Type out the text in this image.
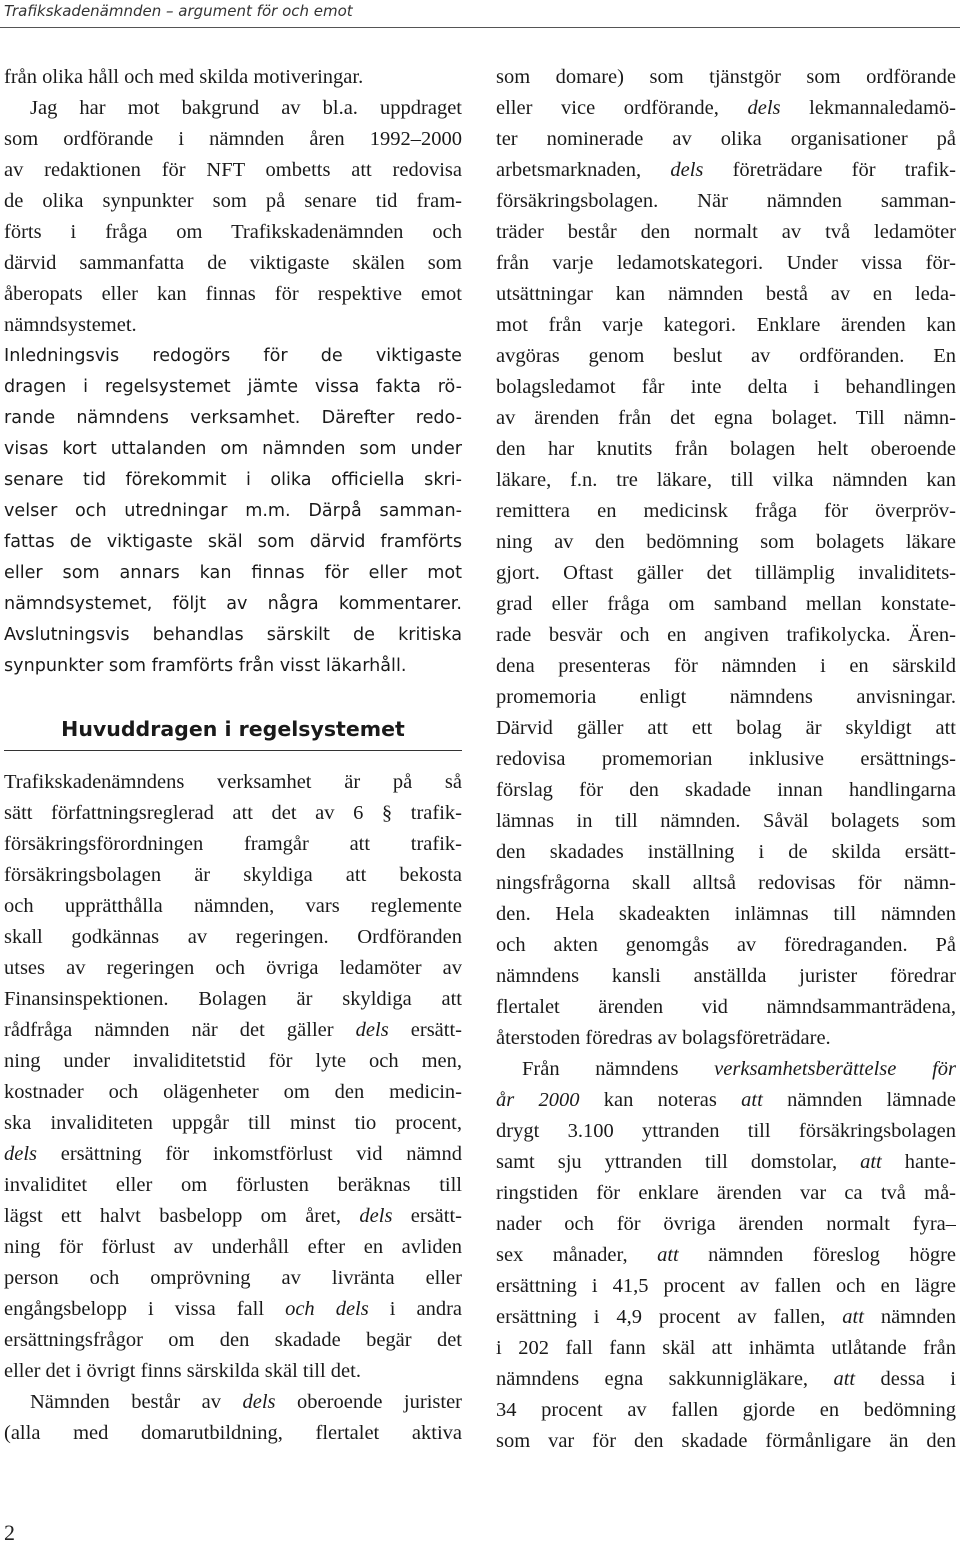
Trafikskadenämnden – argument för och emot
från olika håll och med skilda motiveringar.
Jag har mot bakgrund av bl.a. uppdraget
som ordförande i nämnden åren 1992–2000
av redaktionen för NFT ombetts att redovisa
de olika synpunkter som på senare tid fram-
förts i fråga om Trafikskadenämnden och
därvid sammanfatta de viktigaste skälen som
åberopats eller kan finnas för respektive emot
nämndsystemet.
Inledningsvis redogörs för de viktigaste
dragen i regelsystemet jämte vissa fakta rö-
rande nämndens verksamhet. Därefter redo-
visas kort uttalanden om nämnden som under
senare tid förekommit i olika officiella skri-
velser och utredningar m.m. Därpå samman-
fattas de viktigaste skäl som därvid framförts
eller som annars kan finnas för eller mot
nämndsystemet, följt av några kommentarer.
Avslutningsvis behandlas särskilt de kritiska
synpunkter som framförts från visst läkarhåll.
Huvuddragen i regelsystemet
Trafikskadenämndens verksamhet är på så
sätt författningsreglerad att det av 6 § trafik-
försäkringsförordningen framgår att trafik-
försäkringsbolagen är skyldiga att bekosta
och upprätthålla nämnden, vars reglemente
skall godkännas av regeringen. Ordföranden
utses av regeringen och övriga ledamöter av
Finansinspektionen. Bolagen är skyldiga att
rådfråga nämnden när det gäller dels ersätt-
ning under invaliditetstid för lyte och men,
kostnader och olägenheter om den medicin-
ska invaliditeten uppgår till minst tio procent,
dels ersättning för inkomstförlust vid nämnd
invaliditet eller om förlusten beräknas till
lägst ett halvt basbelopp om året, dels ersätt-
ning för förlust av underhåll efter en avliden
person och omprövning av livränta eller
engångsbelopp i vissa fall och dels i andra
ersättningsfrågor om den skadade begär det
eller det i övrigt finns särskilda skäl till det.
Nämnden består av dels oberoende jurister
(alla med domarutbildning, flertalet aktiva
som domare) som tjänstgör som ordförande
eller vice ordförande, dels lekmannaledamö-
ter nominerade av olika organisationer på
arbetsmarknaden, dels företrädare för trafik-
försäkringsbolagen. När nämnden samman-
träder består den normalt av två ledamöter
från varje ledamotskategori. Under vissa för-
utsättningar kan nämnden bestå av en leda-
mot från varje kategori. Enklare ärenden kan
avgöras genom beslut av ordföranden. En
bolagsledamot får inte delta i behandlingen
av ärenden från det egna bolaget. Till nämn-
den har knutits från bolagen helt oberoende
läkare, f.n. tre läkare, till vilka nämnden kan
remittera en medicinsk fråga för överpröv-
ning av den bedömning som bolagets läkare
gjort. Oftast gäller det tillämplig invaliditets-
grad eller fråga om samband mellan konstate-
rade besvär och en angiven trafikolycka. Ären-
dena presenteras för nämnden i en särskild
promemoria enligt nämndens anvisningar.
Därvid gäller att ett bolag är skyldigt att
redovisa promemorian inklusive ersättnings-
förslag för den skadade innan handlingarna
lämnas in till nämnden. Såväl bolagets som
den skadades inställning i de skilda ersätt-
ningsfrågorna skall alltså redovisas för nämn-
den. Hela skadeakten inlämnas till nämnden
och akten genomgås av föredraganden. På
nämndens kansli anställda jurister föredrar
flertalet ärenden vid nämndsammanträdena,
återstoden föredras av bolagsföreträdare.
Från nämndens verksamhetsberättelse för
år 2000 kan noteras att nämnden lämnade
drygt 3.100 yttranden till försäkringsbolagen
samt sju yttranden till domstolar, att hante-
ringstiden för enklare ärenden var ca två må-
nader och för övriga ärenden normalt fyra–
sex månader, att nämnden föreslog högre
ersättning i 41,5 procent av fallen och en lägre
ersättning i 4,9 procent av fallen, att nämnden
i 202 fall fann skäl att inhämta utlåtande från
nämndens egna sakkunnigläkare, att dessa i
34 procent av fallen gjorde en bedömning
som var för den skadade förmånligare än den
2
